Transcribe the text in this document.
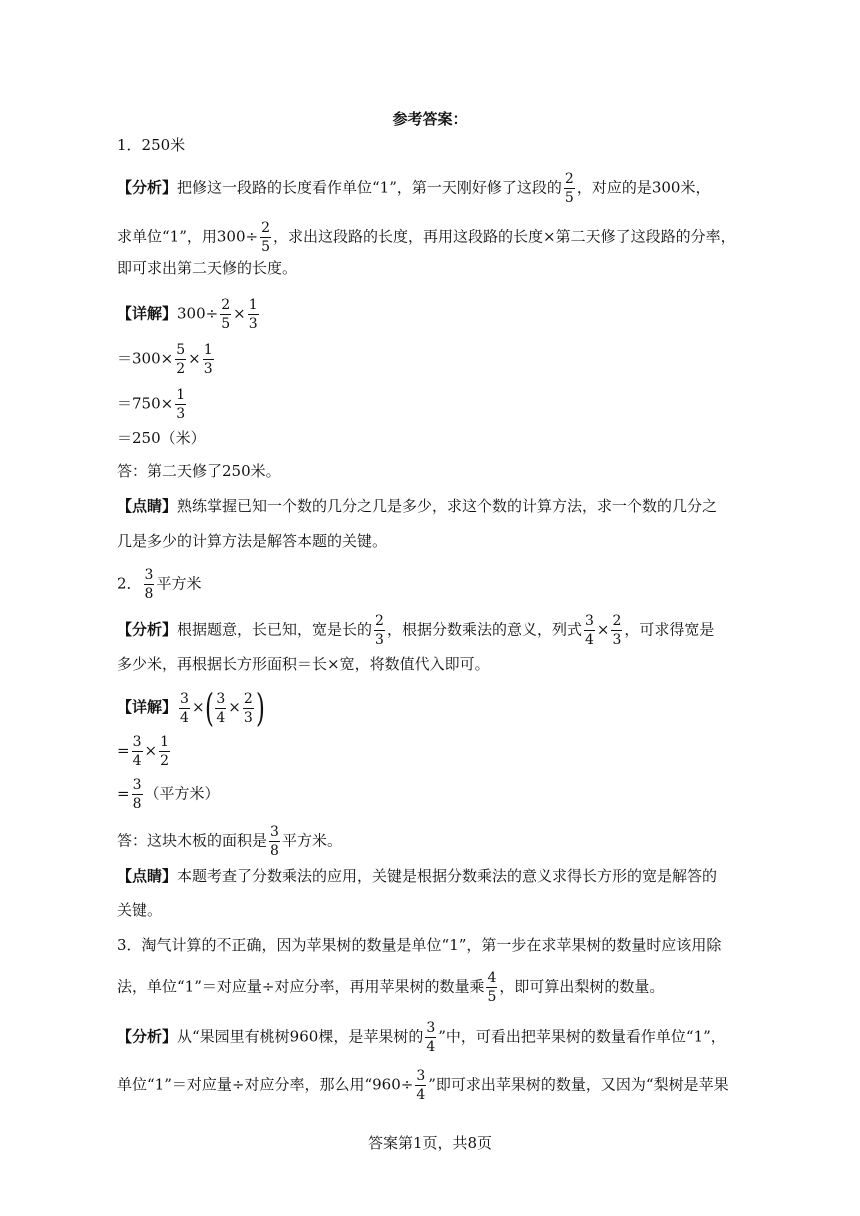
参考答案：
1．250米
【分析】把修这一段路的长度看作单位“1”，第一天刚好修了这段的 $\frac{2}{5}$ ，对应的是300米，
求单位“1”，用$300\div \frac{2}{5}$ ，求出这段路的长度，再用这段路的长度×第二天修了这段路的分率，
即可求出第二天修的长度。
【详解】$300\div \frac{2}{5} \times \frac{1}{3}$
$=300\times \frac{5}{2} \times \frac{1}{3}$
$=750\times \frac{1}{3}$
＝250（米）
答：第二天修了250米。
【点睛】熟练掌握已知一个数的几分之几是多少，求这个数的计算方法，求一个数的几分之
几是多少的计算方法是解答本题的关键。
2． $\frac{3}{8}$ 平方米
【分析】根据题意，长已知，宽是长的 $\frac{2}{3}$ ，根据分数乘法的意义，列式 $\frac{3}{4} \times \frac{2}{3}$ ，可求得宽是
多少米，再根据长方形面积＝长×宽，将数值代入即可。
【详解】 $\frac{3}{4}$ ×( $\frac{3}{4} \times \frac{2}{3}$ )
= $\frac{3}{4} \times \frac{1}{2}$
= $\frac{3}{8}$ （平方米）
答：这块木板的面积是 $\frac{3}{8}$ 平方米。
【点睛】本题考查了分数乘法的应用，关键是根据分数乘法的意义求得长方形的宽是解答的
关键。
3．淘气计算的不正确，因为苹果树的数量是单位“1”，第一步在求苹果树的数量时应该用除
法，单位“1”＝对应量÷对应分率，再用苹果树的数量乘 $\frac{4}{5}$ ，即可算出梨树的数量。
【分析】从“果园里有桃树960棵，是苹果树的 $\frac{3}{4}$ ”中，可看出把苹果树的数量看作单位“1”，
单位“1”＝对应量÷对应分率，那么用“$960\div \frac{3}{4}$ ”即可求出苹果树的数量，又因为“梨树是苹果
答案第1页，共8页
